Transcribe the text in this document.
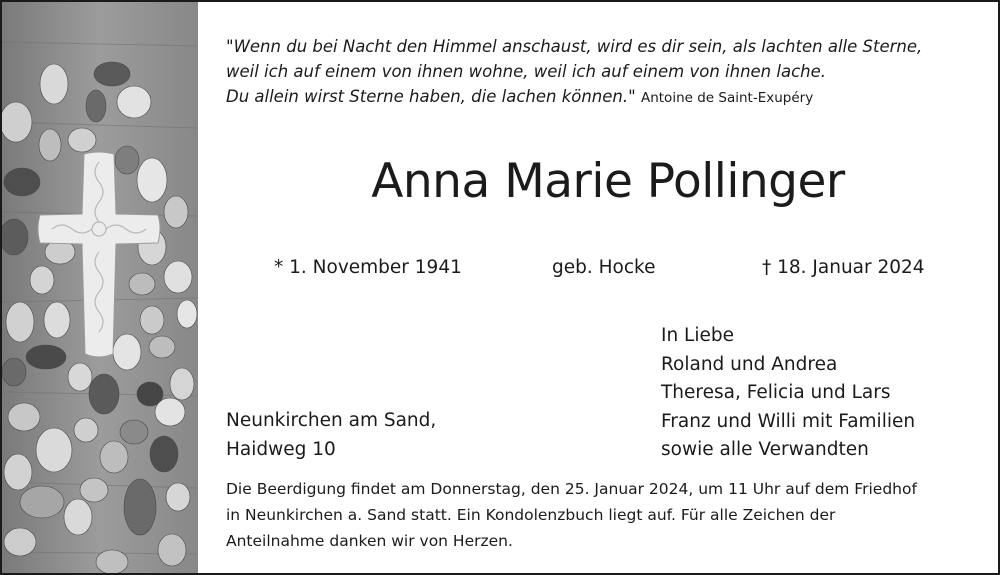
"Wenn du bei Nacht den Himmel anschaust, wird es dir sein, als lachten alle Sterne,
weil ich auf einem von ihnen wohne, weil ich auf einem von ihnen lache.
Du allein wirst Sterne haben, die lachen können." Antoine de Saint-Exupéry

Anna Marie Pollinger
* 1. November 1941	geb. Hocke	† 18. Januar 2024
In Liebe
Roland und Andrea
Theresa, Felicia und Lars
Franz und Willi mit Familien
sowie alle Verwandten
Neunkirchen am Sand,
Haidweg 10
Die Beerdigung findet am Donnerstag, den 25. Januar 2024, um 11 Uhr auf dem Friedhof
in Neunkirchen a. Sand statt. Ein Kondolenzbuch liegt auf. Für alle Zeichen der
Anteilnahme danken wir von Herzen.
